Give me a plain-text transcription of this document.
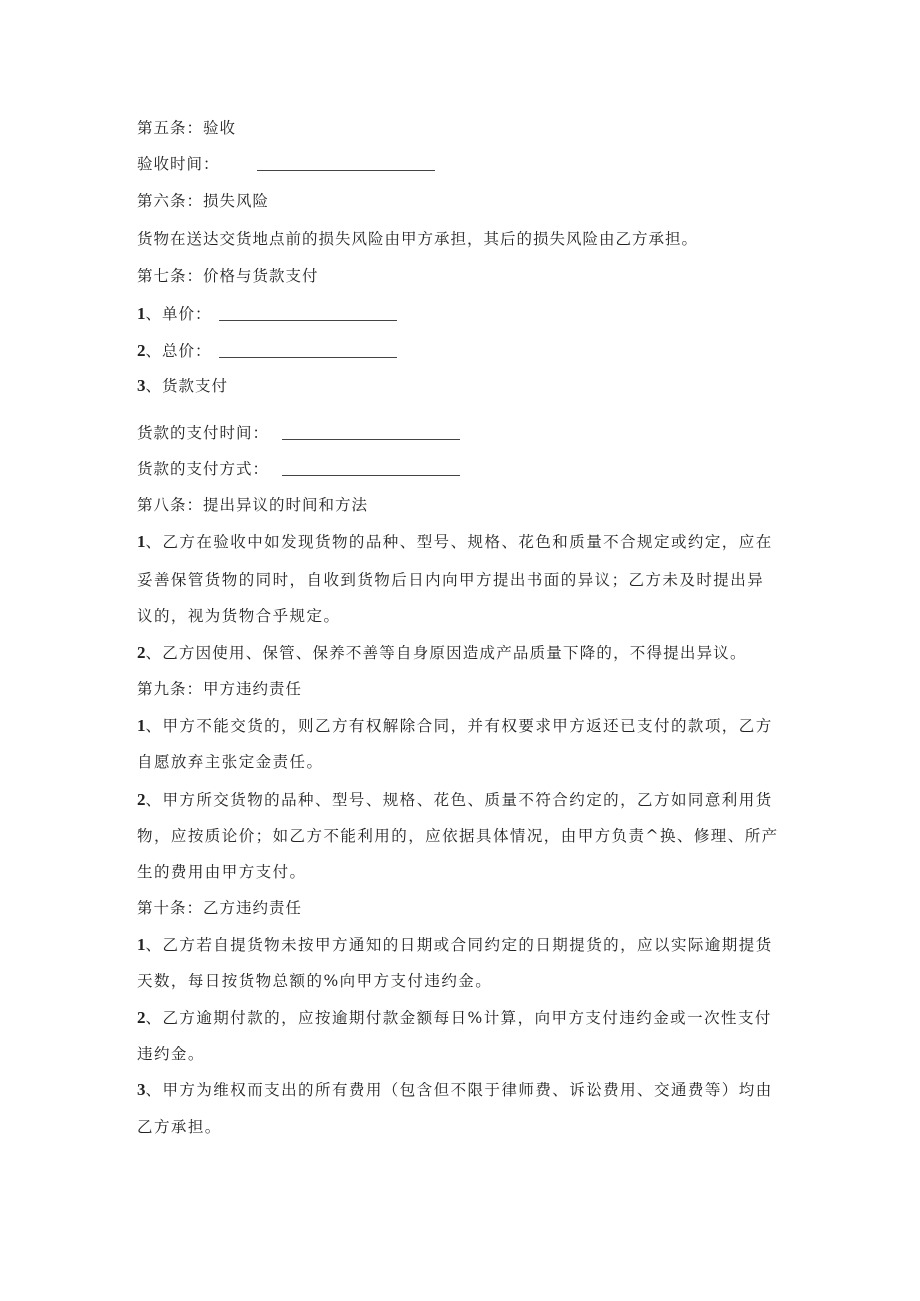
第五条：验收
验收时间：
第六条：损失风险
货物在送达交货地点前的损失风险由甲方承担，其后的损失风险由乙方承担。
第七条：价格与货款支付
1、单价：
2、总价：
3、货款支付
货款的支付时间：
货款的支付方式：
第八条：提出异议的时间和方法
1、乙方在验收中如发现货物的品种、型号、规格、花色和质量不合规定或约定，应在
妥善保管货物的同时，自收到货物后日内向甲方提出书面的异议；乙方未及时提出异
议的，视为货物合乎规定。
2、乙方因使用、保管、保养不善等自身原因造成产品质量下降的，不得提出异议。
第九条：甲方违约责任
1、甲方不能交货的，则乙方有权解除合同，并有权要求甲方返还已支付的款项，乙方
自愿放弃主张定金责任。
2、甲方所交货物的品种、型号、规格、花色、质量不符合约定的，乙方如同意利用货
物，应按质论价；如乙方不能利用的，应依据具体情况，由甲方负责^换、修理、所产
生的费用由甲方支付。
第十条：乙方违约责任
1、乙方若自提货物未按甲方通知的日期或合同约定的日期提货的，应以实际逾期提货
天数，每日按货物总额的%向甲方支付违约金。
2、乙方逾期付款的，应按逾期付款金额每日%计算，向甲方支付违约金或一次性支付
违约金。
3、甲方为维权而支出的所有费用（包含但不限于律师费、诉讼费用、交通费等）均由
乙方承担。
